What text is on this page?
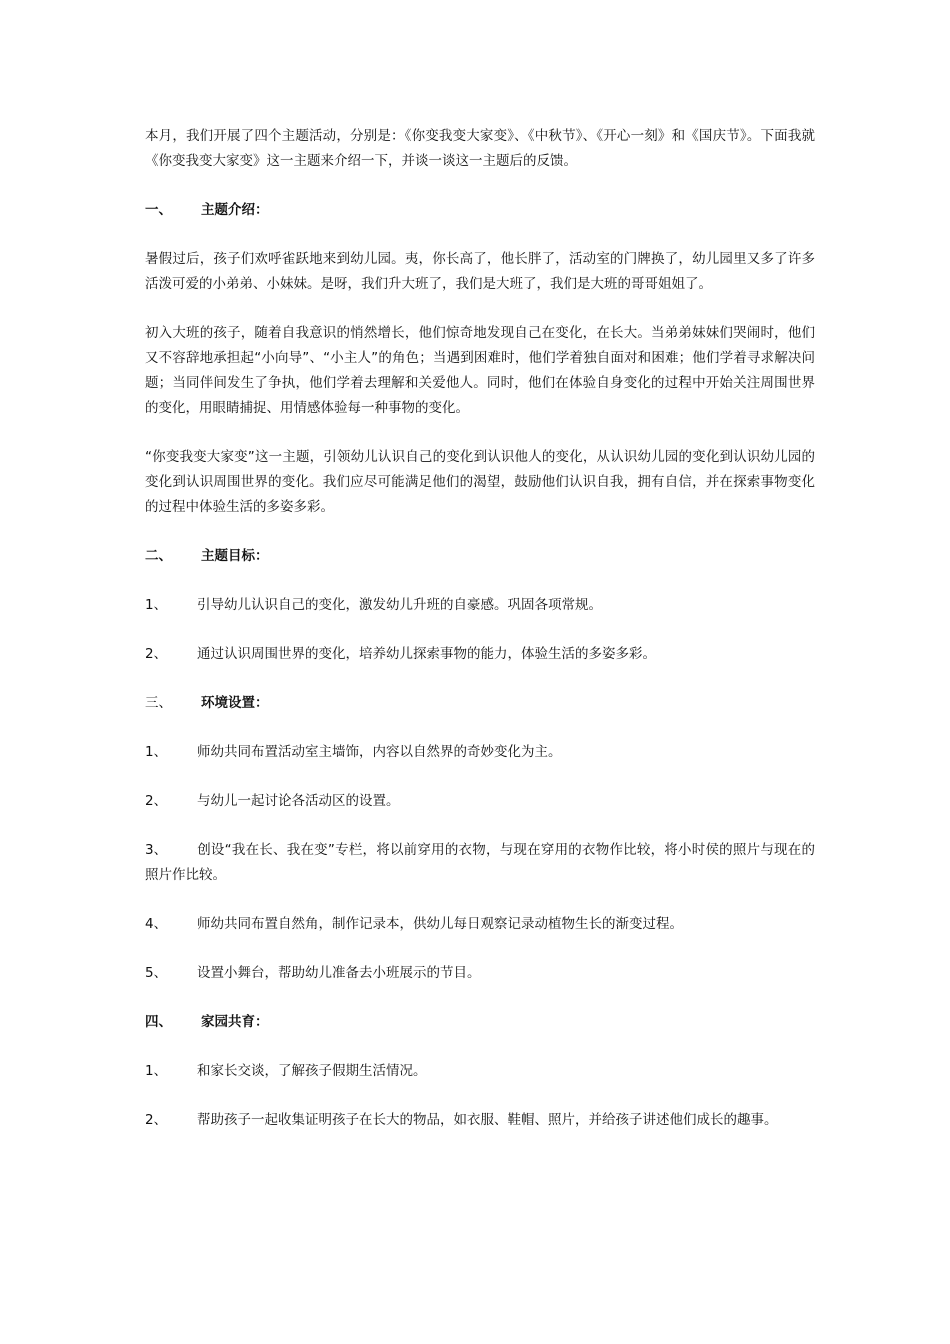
本月，我们开展了四个主题活动，分别是：《你变我变大家变》、《中秋节》、《开心一刻》和《国庆节》。下面我就《你变我变大家变》这一主题来介绍一下，并谈一谈这一主题后的反馈。

一、 主题介绍：

暑假过后，孩子们欢呼雀跃地来到幼儿园。夷，你长高了，他长胖了，活动室的门牌换了，幼儿园里又多了许多活泼可爱的小弟弟、小妹妹。是呀，我们升大班了，我们是大班了，我们是大班的哥哥姐姐了。

初入大班的孩子，随着自我意识的悄然增长，他们惊奇地发现自己在变化，在长大。当弟弟妹妹们哭闹时，他们又不容辞地承担起“小向导”、“小主人”的角色；当遇到困难时，他们学着独自面对和困难；他们学着寻求解决问题；当同伴间发生了争执，他们学着去理解和关爱他人。同时，他们在体验自身变化的过程中开始关注周围世界的变化，用眼睛捕捉、用情感体验每一种事物的变化。

“你变我变大家变”这一主题，引领幼儿认识自己的变化到认识他人的变化，从认识幼儿园的变化到认识幼儿园的变化到认识周围世界的变化。我们应尽可能满足他们的渴望，鼓励他们认识自我，拥有自信，并在探索事物变化的过程中体验生活的多姿多彩。

二、 主题目标：
1、 引导幼儿认识自己的变化，激发幼儿升班的自豪感。巩固各项常规。
2、 通过认识周围世界的变化，培养幼儿探索事物的能力，体验生活的多姿多彩。
三、 环境设置：
1、 师幼共同布置活动室主墙饰，内容以自然界的奇妙变化为主。
2、 与幼儿一起讨论各活动区的设置。
3、 创设“我在长、我在变”专栏，将以前穿用的衣物，与现在穿用的衣物作比较，将小时侯的照片与现在的照片作比较。
4、 师幼共同布置自然角，制作记录本，供幼儿每日观察记录动植物生长的渐变过程。
5、 设置小舞台，帮助幼儿准备去小班展示的节目。
四、 家园共育：
1、 和家长交谈，了解孩子假期生活情况。
2、 帮助孩子一起收集证明孩子在长大的物品，如衣服、鞋帽、照片，并给孩子讲述他们成长的趣事。
